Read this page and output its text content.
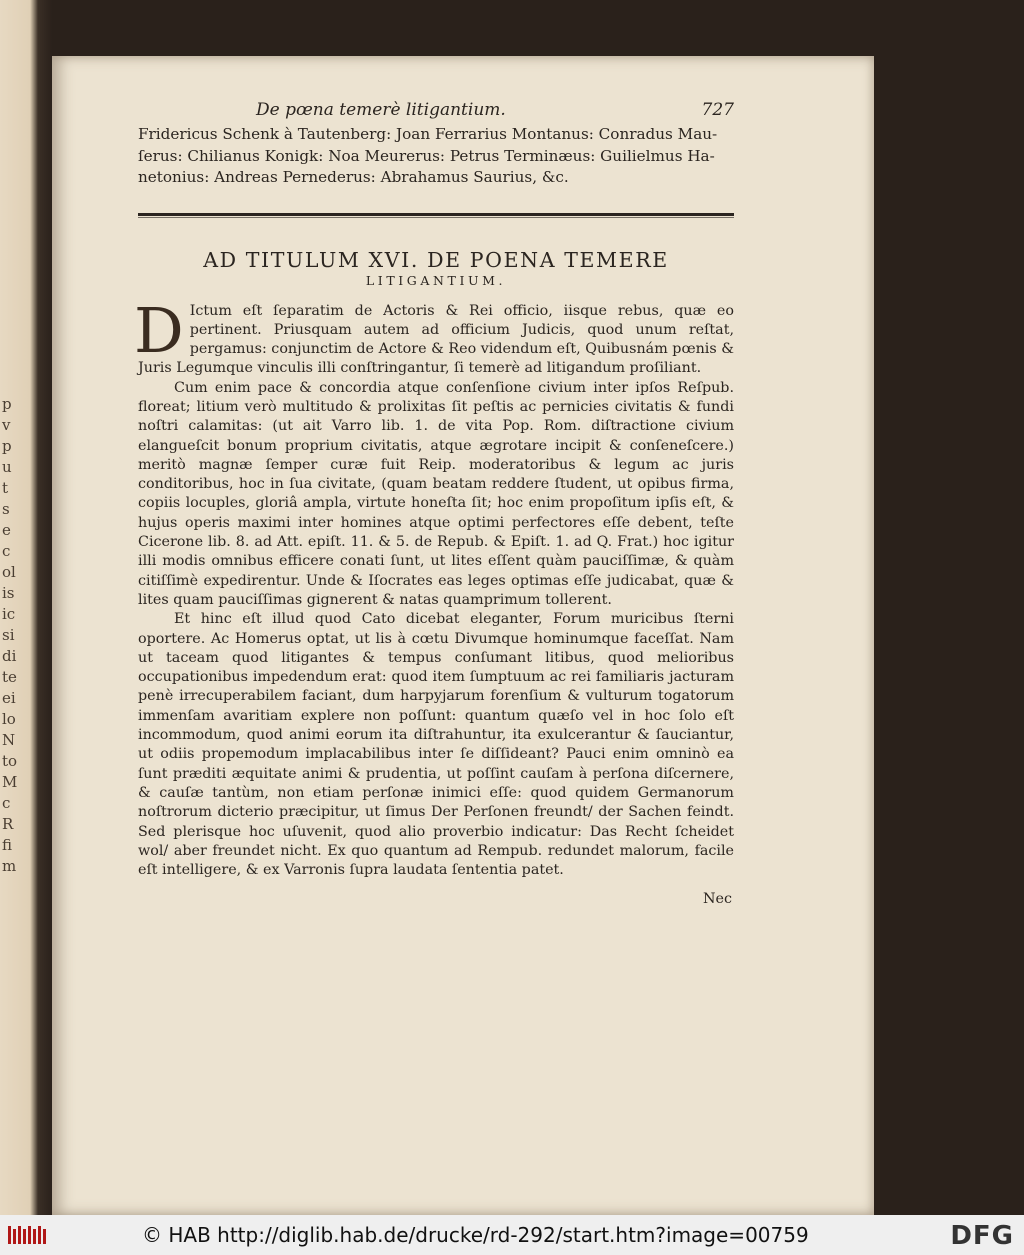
p
v
p
u
t
s
e
c
ol
is
ic
si
di
te
ei
lo
N
to
M
c
R
fi
m
De pœna temerè litigantium.	727
Fridericus Schenk à Tautenberg: Joan Ferrarius Montanus: Conradus Mau-
ſerus: Chilianus Konigk: Noa Meurerus: Petrus Terminæus: Guilielmus Ha-
netonius: Andreas Pernederus: Abrahamus Saurius, &c.
AD TITULUM XVI. DE POENA TEMERE
LITIGANTIUM.

D Ictum eſt ſeparatim de Actoris & Rei officio, iisque rebus, quæ eo pertinent. Priusquam autem ad officium Judicis, quod unum reſtat, pergamus: conjunctim de Actore & Reo videndum eſt, Quibusnám pœnis & Juris Legumque vinculis illi conſtringantur, ſi temerè ad litigandum proſiliant.

Cum enim pace & concordia atque conſenſione civium inter ipſos Reſpub. floreat; litium verò multitudo & prolixitas ſit peſtis ac pernicies civitatis & fundi noſtri calamitas: (ut ait Varro lib. 1. de vita Pop. Rom. diſtractione civium elangueſcit bonum proprium civitatis, atque ægrotare incipit & conſeneſcere.) meritò magnæ ſemper curæ fuit Reip. moderatoribus & legum ac juris conditoribus, hoc in ſua civitate, (quam beatam reddere ſtudent, ut opibus firma, copiis locuples, gloriâ ampla, virtute honeſta ſit; hoc enim propoſitum ipſis eſt, & hujus operis maximi inter homines atque optimi perfectores eſſe debent, teſte Cicerone lib. 8. ad Att. epiſt. 11. & 5. de Repub. & Epiſt. 1. ad Q. Frat.) hoc igitur illi modis omnibus efficere conati ſunt, ut lites eſſent quàm pauciſſimæ, & quàm citiſſimè expedirentur. Unde & Iſocrates eas leges optimas eſſe judicabat, quæ & lites quam pauciſſimas gignerent & natas quamprimum tollerent.

Et hinc eſt illud quod Cato dicebat eleganter, Forum muricibus ſterni oportere. Ac Homerus optat, ut lis à cœtu Divumque hominumque faceſſat. Nam ut taceam quod litigantes & tempus conſumant litibus, quod melioribus occupationibus impedendum erat: quod item ſumptuum ac rei familiaris jacturam penè irrecuperabilem faciant, dum harpyjarum forenſium & vulturum togatorum immenſam avaritiam explere non poſſunt: quantum quæſo vel in hoc ſolo eſt incommodum, quod animi eorum ita diſtrahuntur, ita exulcerantur & ſauciantur, ut odiis propemodum implacabilibus inter ſe diſſideant? Pauci enim omninò ea ſunt præditi æquitate animi & prudentia, ut poſſint cauſam à perſona diſcernere, & cauſæ tantùm, non etiam perſonæ inimici eſſe: quod quidem Germanorum noſtrorum dicterio præcipitur, ut ſimus Der Perſonen freundt/ der Sachen feindt. Sed plerisque hoc uſuvenit, quod alio proverbio indicatur: Das Recht ſcheidet wol/ aber freundet nicht. Ex quo quantum ad Rempub. redundet malorum, facile eſt intelligere, & ex Varronis ſupra laudata ſententia patet.

Nec
© HAB http://diglib.hab.de/drucke/rd-292/start.htm?image=00759	DFG
